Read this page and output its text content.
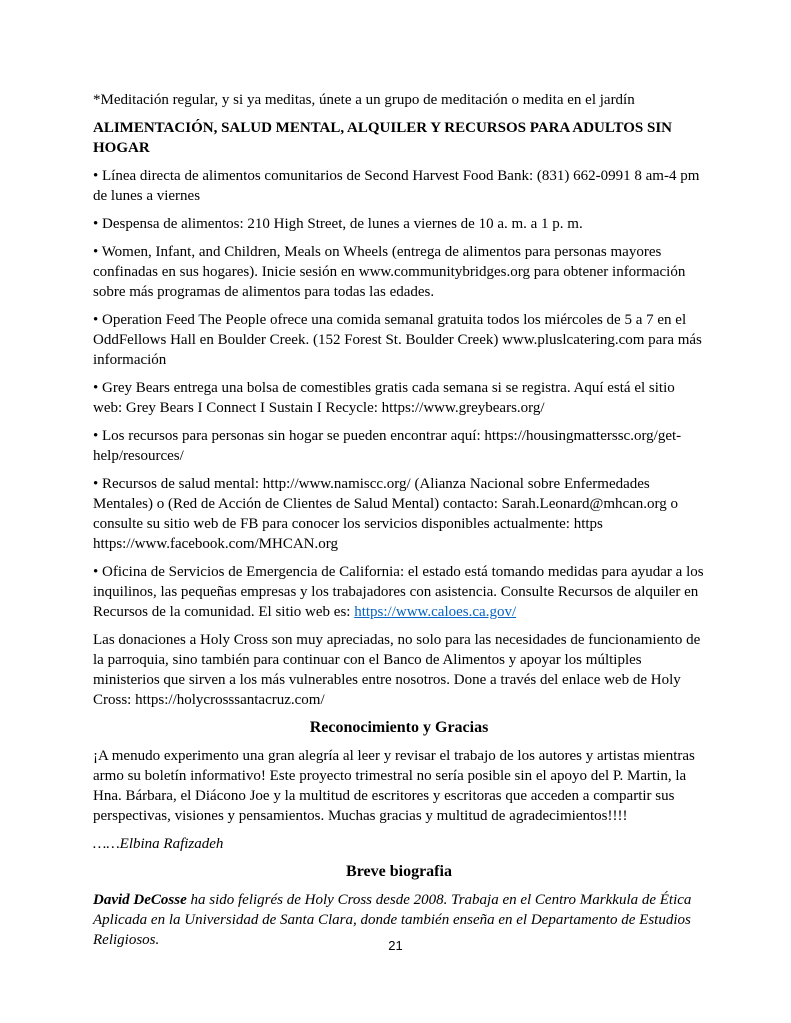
*Meditación regular, y si ya meditas, únete a un grupo de meditación o medita en el jardín

ALIMENTACIÓN, SALUD MENTAL, ALQUILER Y RECURSOS PARA ADULTOS SIN HOGAR

• Línea directa de alimentos comunitarios de Second Harvest Food Bank: (831) 662-0991 8 am-4 pm de lunes a viernes

• Despensa de alimentos: 210 High Street, de lunes a viernes de 10 a. m. a 1 p. m.

• Women, Infant, and Children, Meals on Wheels (entrega de alimentos para personas mayores confinadas en sus hogares). Inicie sesión en www.communitybridges.org para obtener información sobre más programas de alimentos para todas las edades.

• Operation Feed The People ofrece una comida semanal gratuita todos los miércoles de 5 a 7 en el OddFellows Hall en Boulder Creek. (152 Forest St. Boulder Creek) www.pluslcatering.com para más información

• Grey Bears entrega una bolsa de comestibles gratis cada semana si se registra. Aquí está el sitio web: Grey Bears I Connect I Sustain I Recycle: https://www.greybears.org/

• Los recursos para personas sin hogar se pueden encontrar aquí: https://housingmatterssc.org/get-help/resources/

• Recursos de salud mental: http://www.namiscc.org/ (Alianza Nacional sobre Enfermedades Mentales) o (Red de Acción de Clientes de Salud Mental) contacto: Sarah.Leonard@mhcan.org o consulte su sitio web de FB para conocer los servicios disponibles actualmente: https
https://www.facebook.com/MHCAN.org

• Oficina de Servicios de Emergencia de California: el estado está tomando medidas para ayudar a los inquilinos, las pequeñas empresas y los trabajadores con asistencia. Consulte Recursos de alquiler en Recursos de la comunidad. El sitio web es: https://www.caloes.ca.gov/

Las donaciones a Holy Cross son muy apreciadas, no solo para las necesidades de funcionamiento de la parroquia, sino también para continuar con el Banco de Alimentos y apoyar los múltiples ministerios que sirven a los más vulnerables entre nosotros. Done a través del enlace web de Holy Cross: https://holycrosssantacruz.com/

Reconocimiento y Gracias

¡A menudo experimento una gran alegría al leer y revisar el trabajo de los autores y artistas mientras armo su boletín informativo! Este proyecto trimestral no sería posible sin el apoyo del P. Martin, la Hna. Bárbara, el Diácono Joe y la multitud de escritores y escritoras que acceden a compartir sus perspectivas, visiones y pensamientos. Muchas gracias y multitud de agradecimientos!!!!

……Elbina Rafizadeh

Breve biografia

David DeCosse ha sido feligrés de Holy Cross desde 2008. Trabaja en el Centro Markkula de Ética Aplicada en la Universidad de Santa Clara, donde también enseña en el Departamento de Estudios Religiosos.	21
